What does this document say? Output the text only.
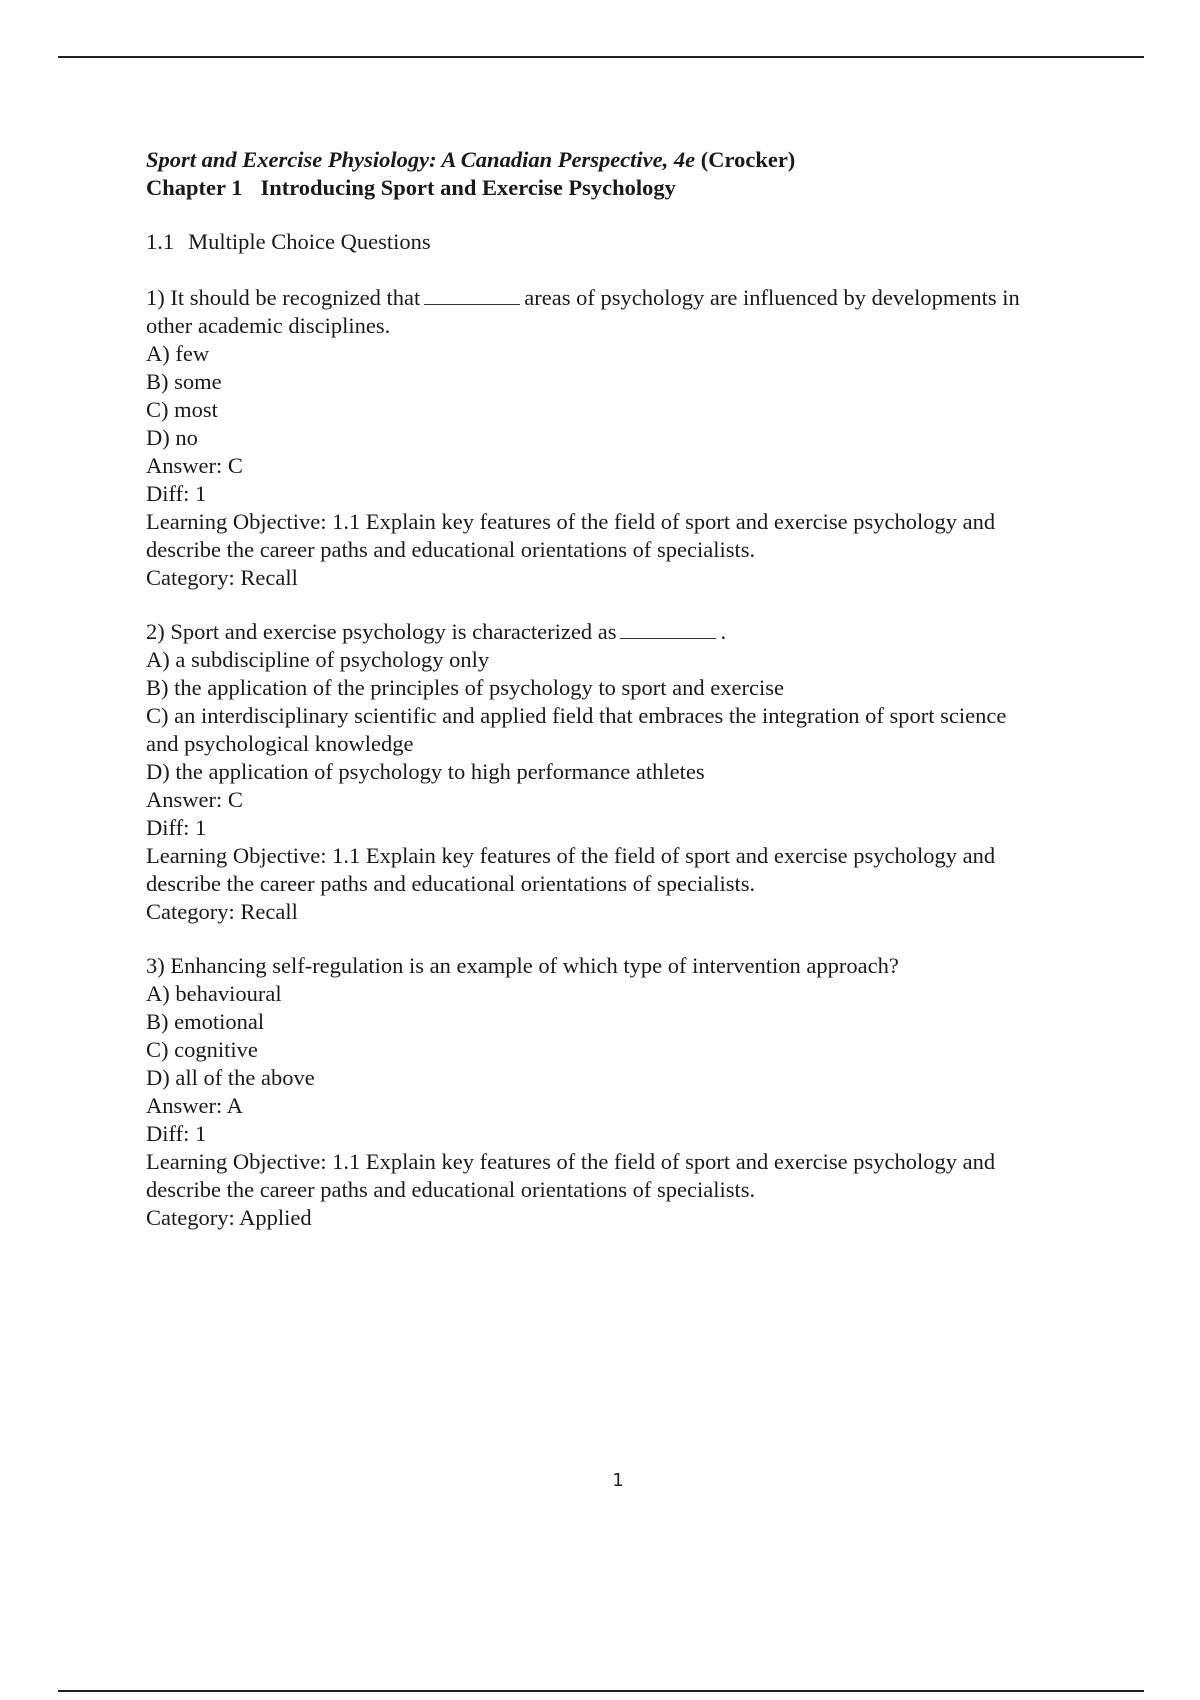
Sport and Exercise Physiology: A Canadian Perspective, 4e (Crocker)
Chapter 1 Introducing Sport and Exercise Psychology
1.1 Multiple Choice Questions
1) It should be recognized that	areas of psychology are influenced by developments in
other academic disciplines.
A) few
B) some
C) most
D) no
Answer: C
Diff: 1
Learning Objective: 1.1 Explain key features of the field of sport and exercise psychology and
describe the career paths and educational orientations of specialists.
Category: Recall
2) Sport and exercise psychology is characterized as	.
A) a subdiscipline of psychology only
B) the application of the principles of psychology to sport and exercise
C) an interdisciplinary scientific and applied field that embraces the integration of sport science
and psychological knowledge
D) the application of psychology to high performance athletes
Answer: C
Diff: 1
Learning Objective: 1.1 Explain key features of the field of sport and exercise psychology and
describe the career paths and educational orientations of specialists.
Category: Recall
3) Enhancing self-regulation is an example of which type of intervention approach?
A) behavioural
B) emotional
C) cognitive
D) all of the above
Answer: A
Diff: 1
Learning Objective: 1.1 Explain key features of the field of sport and exercise psychology and
describe the career paths and educational orientations of specialists.
Category: Applied
1
